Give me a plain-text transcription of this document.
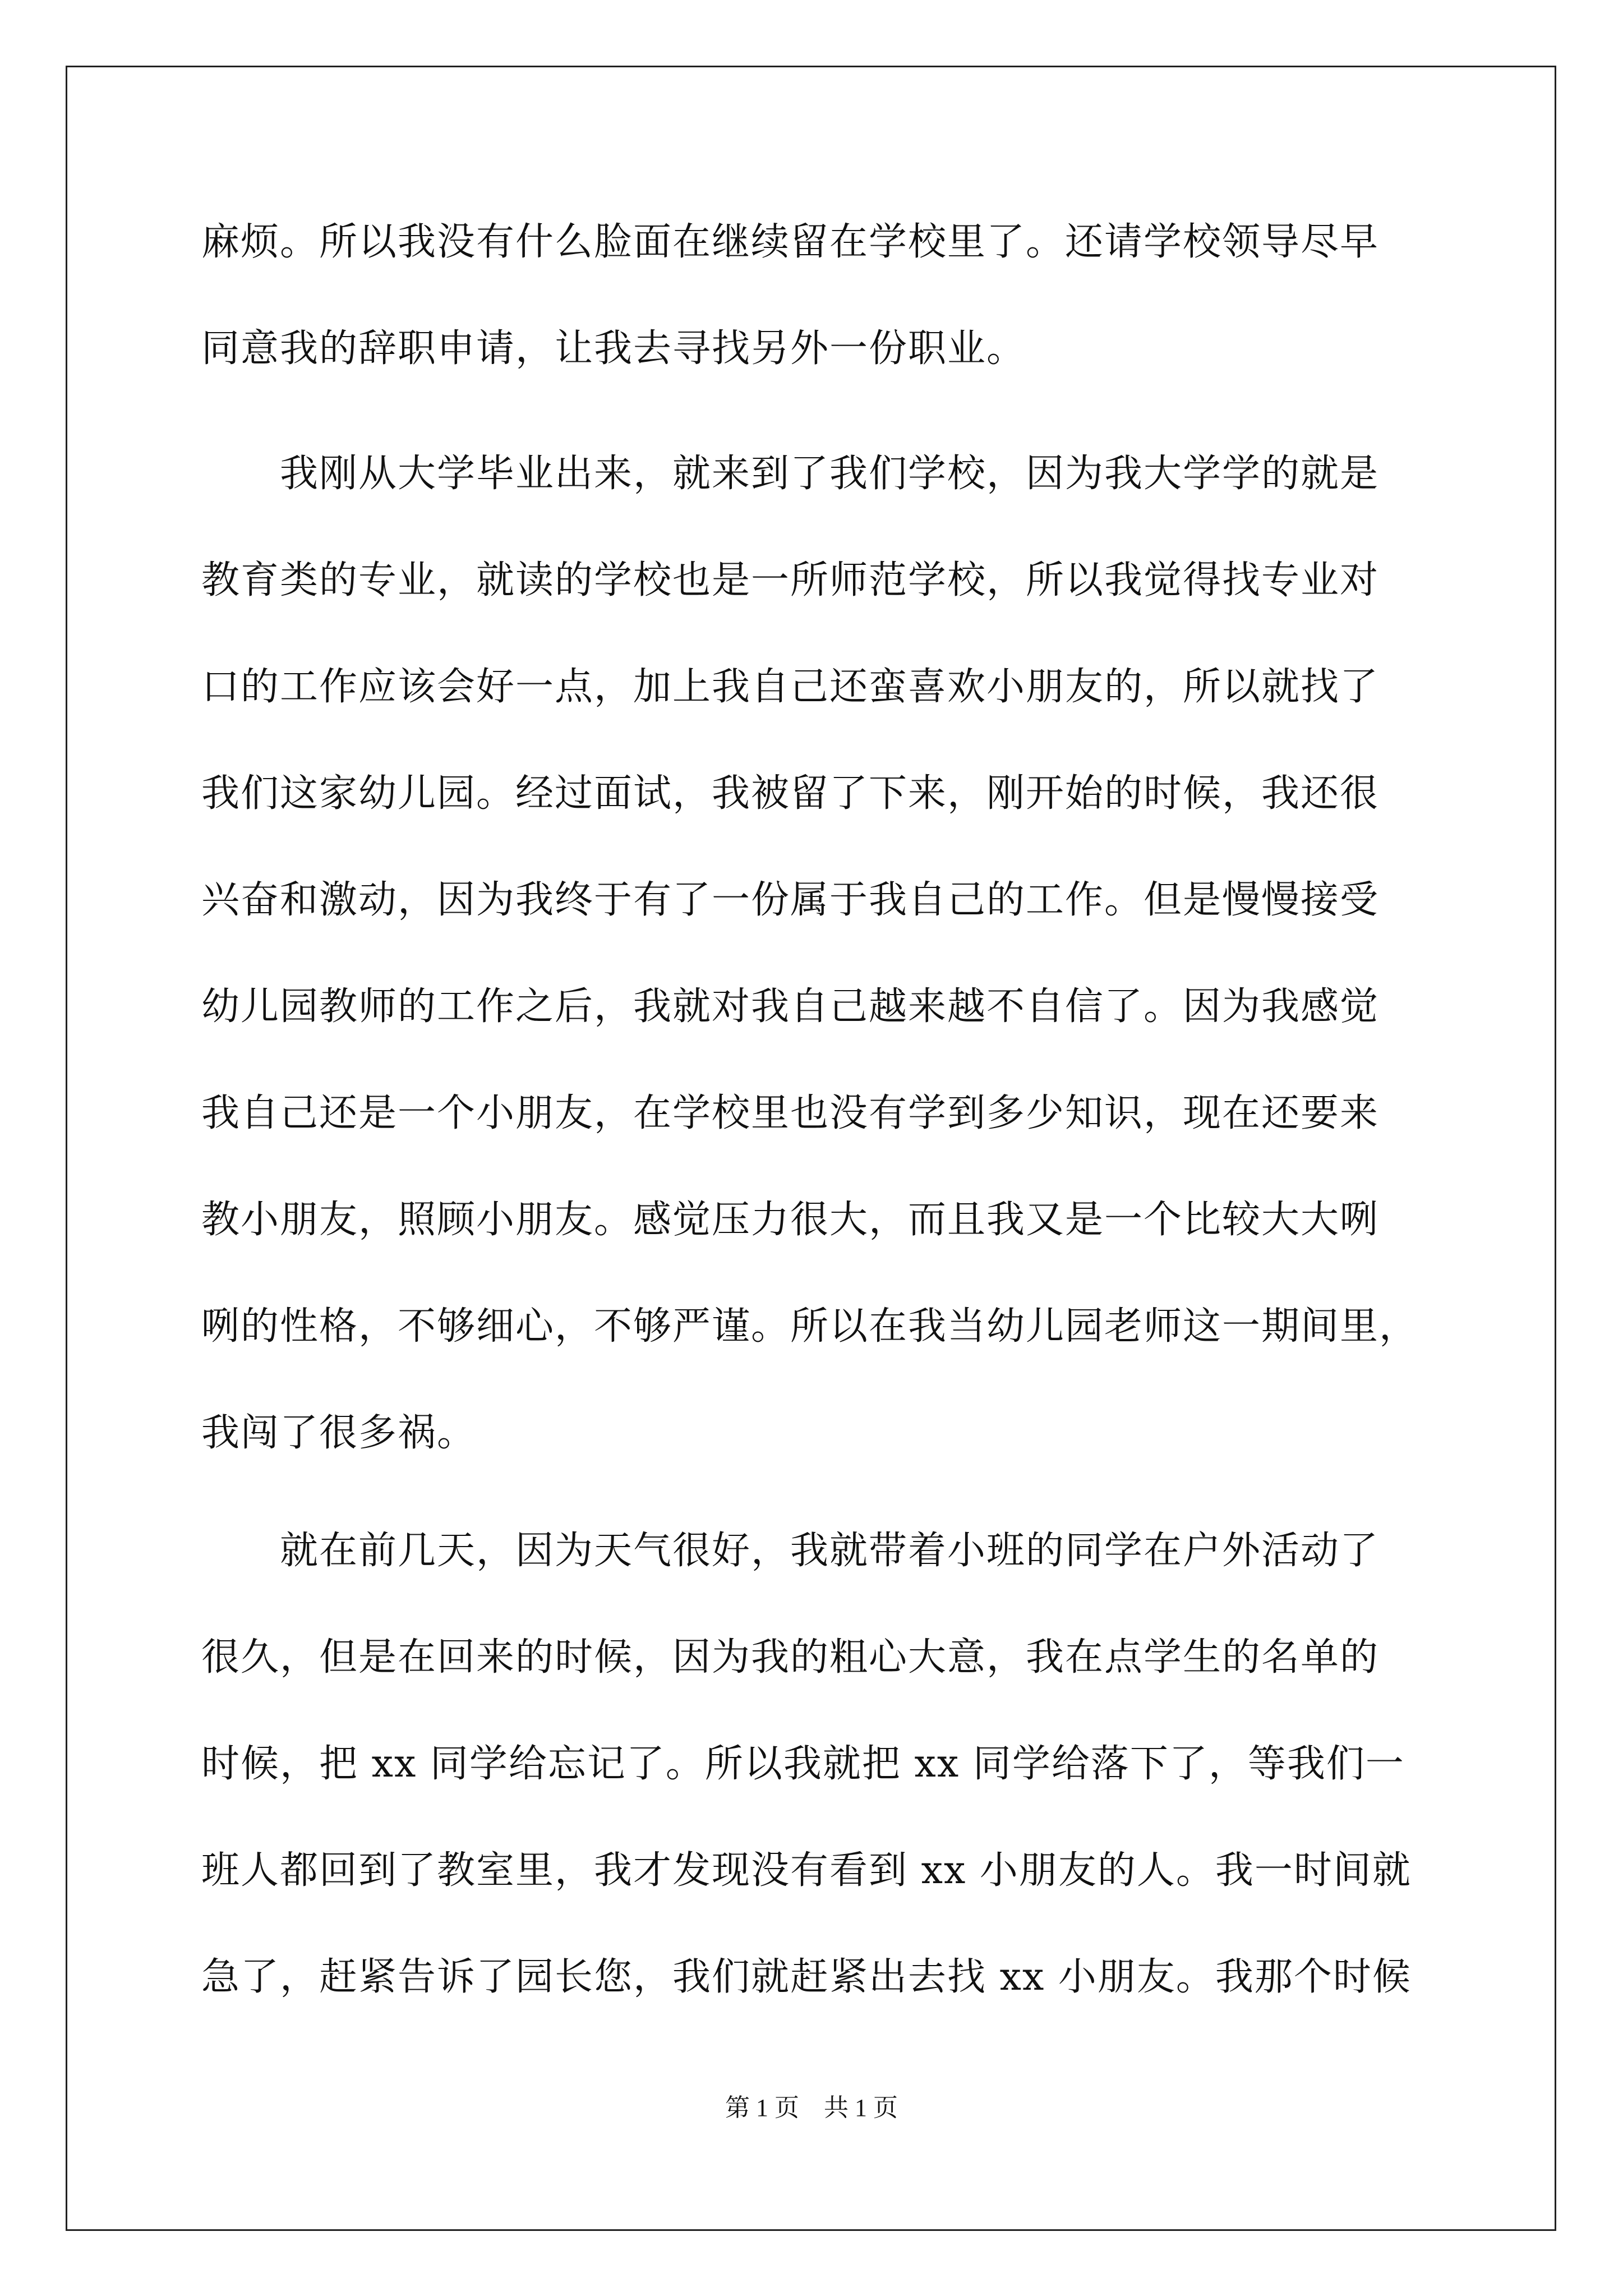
麻烦。所以我没有什么脸面在继续留在学校里了。还请学校领导尽早
同意我的辞职申请，让我去寻找另外一份职业。
　　我刚从大学毕业出来，就来到了我们学校，因为我大学学的就是
教育类的专业，就读的学校也是一所师范学校，所以我觉得找专业对
口的工作应该会好一点，加上我自己还蛮喜欢小朋友的，所以就找了
我们这家幼儿园。经过面试，我被留了下来，刚开始的时候，我还很
兴奋和激动，因为我终于有了一份属于我自己的工作。但是慢慢接受
幼儿园教师的工作之后，我就对我自己越来越不自信了。因为我感觉
我自己还是一个小朋友，在学校里也没有学到多少知识，现在还要来
教小朋友，照顾小朋友。感觉压力很大，而且我又是一个比较大大咧
咧的性格，不够细心，不够严谨。所以在我当幼儿园老师这一期间里，
我闯了很多祸。
　　就在前几天，因为天气很好，我就带着小班的同学在户外活动了
很久，但是在回来的时候，因为我的粗心大意，我在点学生的名单的
时候，把 xx 同学给忘记了。所以我就把 xx 同学给落下了，等我们一
班人都回到了教室里，我才发现没有看到 xx 小朋友的人。我一时间就
急了，赶紧告诉了园长您，我们就赶紧出去找 xx 小朋友。我那个时候
第 1 页　共 1 页
